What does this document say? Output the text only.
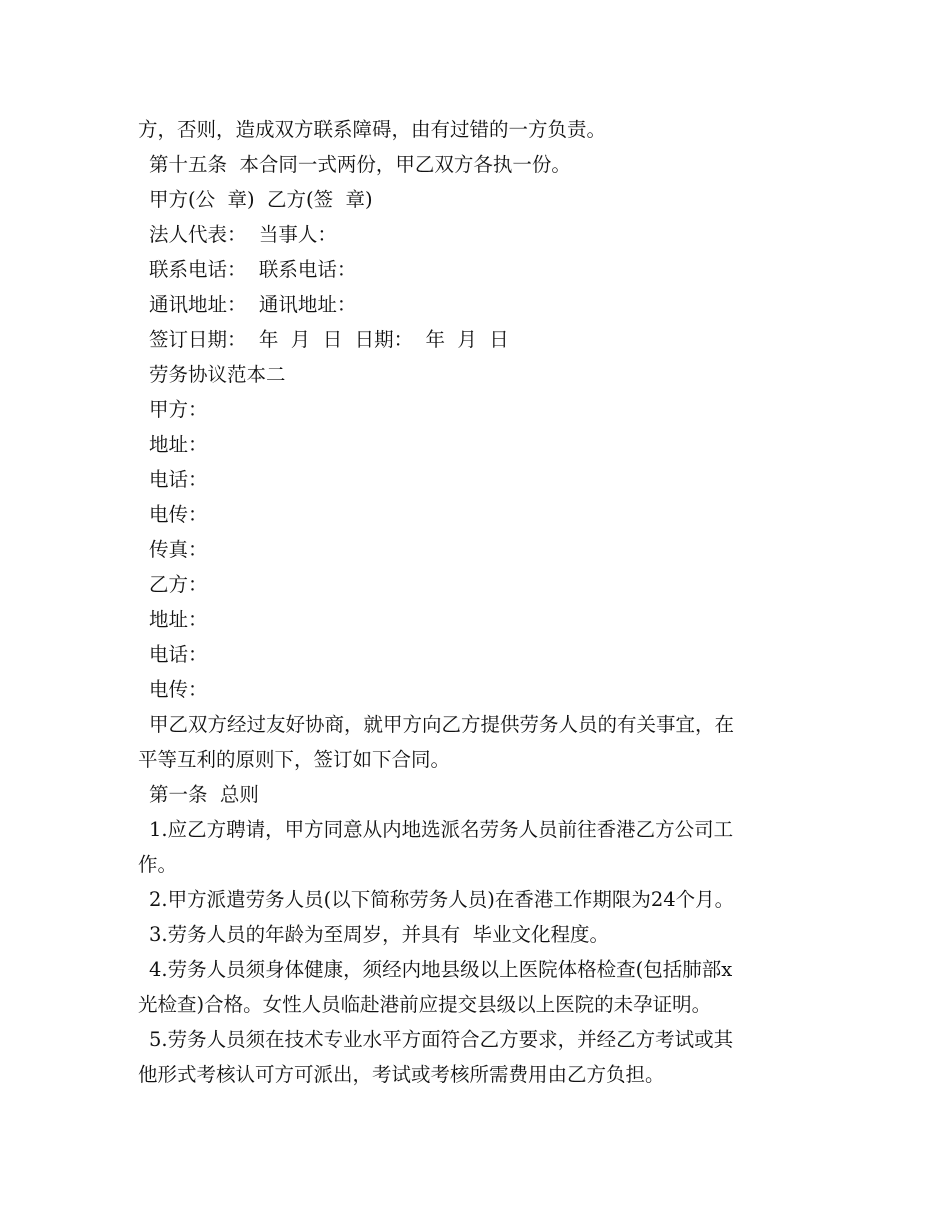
方，否则，造成双方联系障碍，由有过错的一方负责。
第十五条  本合同一式两份，甲乙双方各执一份。
甲方(公  章)  乙方(签  章)
法人代表：  当事人：
联系电话：  联系电话：
通讯地址：  通讯地址：
签订日期：  年  月  日  日期：  年  月  日
劳务协议范本二
甲方：
地址：
电话：
电传：
传真：
乙方：
地址：
电话：
电传：
甲乙双方经过友好协商，就甲方向乙方提供劳务人员的有关事宜，在
平等互利的原则下，签订如下合同。
第一条  总则
1.应乙方聘请，甲方同意从内地选派名劳务人员前往香港乙方公司工
作。
2.甲方派遣劳务人员(以下简称劳务人员)在香港工作期限为24个月。
3.劳务人员的年龄为至周岁，并具有  毕业文化程度。
4.劳务人员须身体健康，须经内地县级以上医院体格检查(包括肺部x
光检查)合格。女性人员临赴港前应提交县级以上医院的未孕证明。
5.劳务人员须在技术专业水平方面符合乙方要求，并经乙方考试或其
他形式考核认可方可派出，考试或考核所需费用由乙方负担。
